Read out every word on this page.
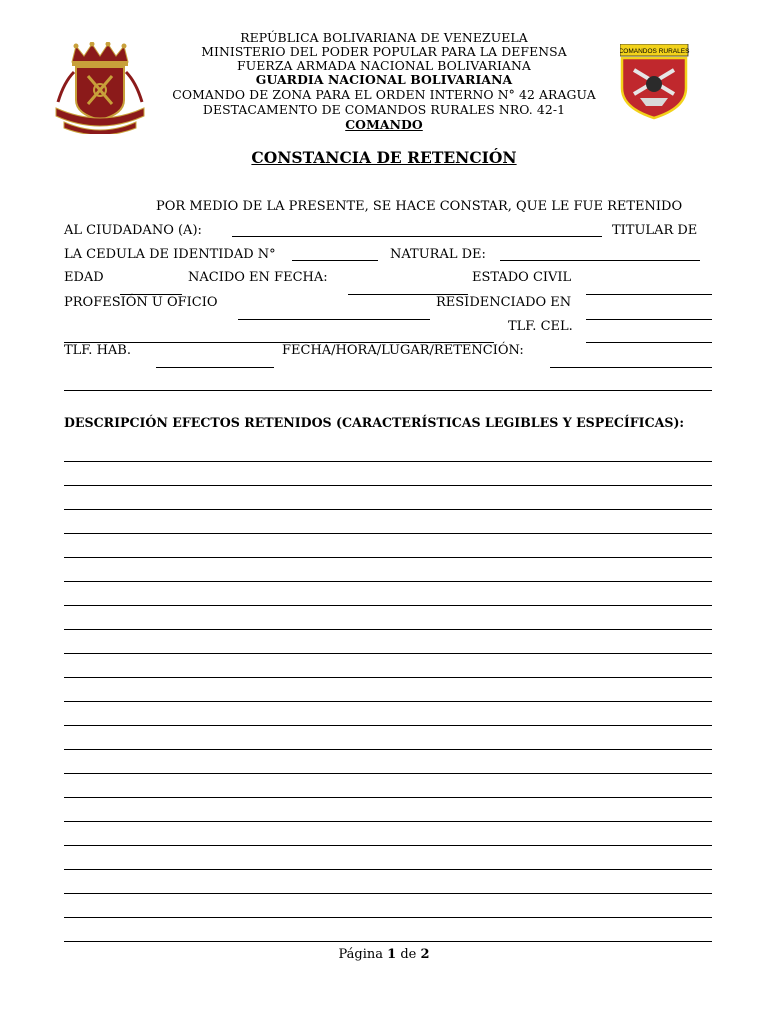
COMANDOS RURALES
REPÚBLICA BOLIVARIANA DE VENEZUELA
MINISTERIO DEL PODER POPULAR PARA LA DEFENSA
FUERZA ARMADA NACIONAL BOLIVARIANA
GUARDIA NACIONAL BOLIVARIANA
COMANDO DE ZONA PARA EL ORDEN INTERNO N° 42 ARAGUA
DESTACAMENTO DE COMANDOS RURALES NRO. 42-1
COMANDO
CONSTANCIA DE RETENCIÓN
POR MEDIO DE LA PRESENTE, SE HACE CONSTAR, QUE LE FUE RETENIDO
AL CIUDADANO (A):	TITULAR DE
LA CEDULA DE IDENTIDAD N°	NATURAL DE:
EDAD	NACIDO EN FECHA:	ESTADO CIVIL
PROFESIÓN U OFICIO	RESIDENCIADO EN
TLF. CEL.
TLF. HAB.	FECHA/HORA/LUGAR/RETENCIÓN:
DESCRIPCIÓN EFECTOS RETENIDOS (CARACTERÍSTICAS LEGIBLES Y ESPECÍFICAS):
Página 1 de 2
